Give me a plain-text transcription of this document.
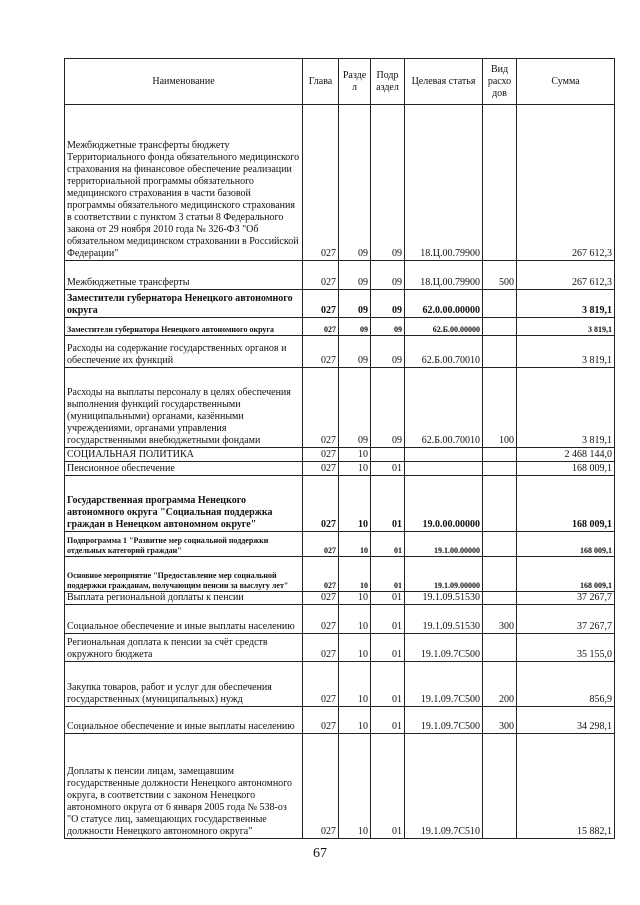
Наименование	Глава	Разде л	Подр аздел	Целевая статья	Вид расхо дов	Сумма
Межбюджетные трансферты бюджету Территориального фонда обязательного медицинского страхования на финансовое обеспечение реализации территориальной программы обязательного медицинского страхования в части базовой программы обязательного медицинского страхования в соответствии с пунктом 3 статьи 8 Федерального закона от 29 ноября 2010 года № 326-ФЗ "Об обязательном медицинском страховании в Российской Федерации"	027	09	09	18.Ц.00.79900		267 612,3
Межбюджетные трансферты	027	09	09	18.Ц.00.79900	500	267 612,3
Заместители губернатора Ненецкого автономного округа	027	09	09	62.0.00.00000		3 819,1
Заместители губернатора Ненецкого автономного округа	027	09	09	62.Б.00.00000		3 819,1
Расходы на содержание государственных органов и обеспечение их функций	027	09	09	62.Б.00.70010		3 819,1
Расходы на выплаты персоналу в целях обеспечения выполнения функций государственными (муниципальными) органами, казёнными учреждениями, органами управления государственными внебюджетными фондами	027	09	09	62.Б.00.70010	100	3 819,1
СОЦИАЛЬНАЯ ПОЛИТИКА	027	10				2 468 144,0
Пенсионное обеспечение	027	10	01			168 009,1
Государственная программа Ненецкого автономного округа "Социальная поддержка граждан в Ненецком автономном округе"	027	10	01	19.0.00.00000		168 009,1
Подпрограмма 1 "Развитие мер социальной поддержки отдельных категорий граждан"	027	10	01	19.1.00.00000		168 009,1
Основное мероприятие "Предоставление мер социальной поддержки гражданам, получающим пенсии за выслугу лет"	027	10	01	19.1.09.00000		168 009,1
Выплата региональной доплаты к пенсии	027	10	01	19.1.09.51530		37 267,7
Социальное обеспечение и иные выплаты населению	027	10	01	19.1.09.51530	300	37 267,7
Региональная доплата к пенсии за счёт средств окружного бюджета	027	10	01	19.1.09.7С500		35 155,0
Закупка товаров, работ и услуг для обеспечения государственных (муниципальных) нужд	027	10	01	19.1.09.7С500	200	856,9
Социальное обеспечение и иные выплаты населению	027	10	01	19.1.09.7С500	300	34 298,1
Доплаты к пенсии лицам, замещавшим государственные должности Ненецкого автономного округа, в соответствии с законом Ненецкого автономного округа от 6 января 2005 года № 538-оз "О статусе лиц, замещающих государственные должности Ненецкого автономного округа"	027	10	01	19.1.09.7С510		15 882,1
67
